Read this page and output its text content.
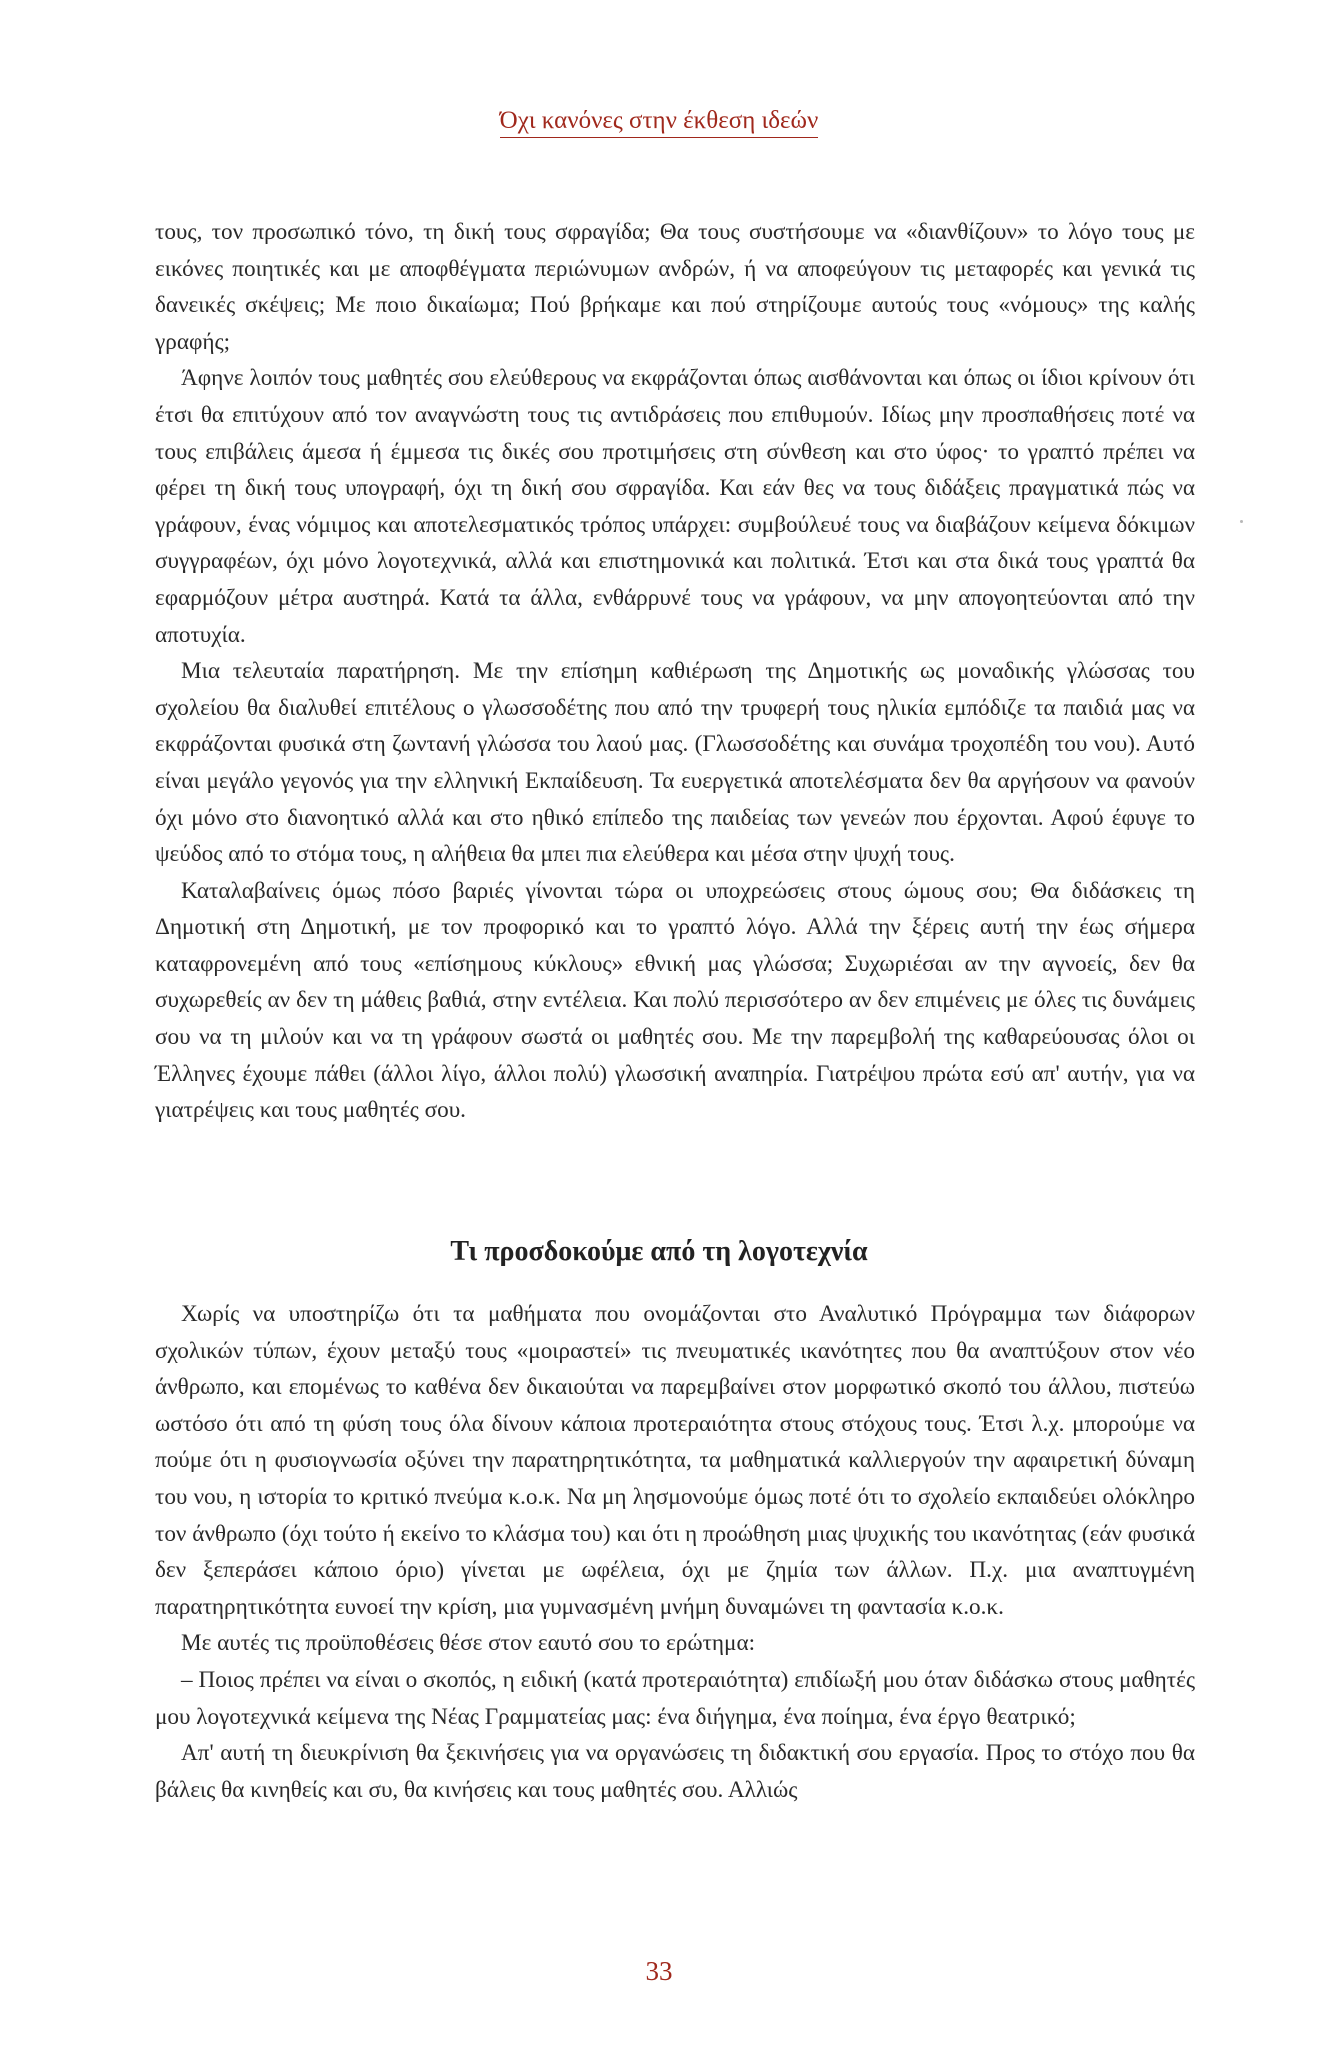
Όχι κανόνες στην έκθεση ιδεών

τους, τον προσωπικό τόνο, τη δική τους σφραγίδα; Θα τους συστήσουμε να «διανθίζουν» το λόγο τους με εικόνες ποιητικές και με αποφθέγματα περιώνυμων ανδρών, ή να αποφεύγουν τις μεταφορές και γενικά τις δανεικές σκέψεις; Με ποιο δικαίωμα; Πού βρήκαμε και πού στηρίζουμε αυτούς τους «νόμους» της καλής γραφής;

Άφηνε λοιπόν τους μαθητές σου ελεύθερους να εκφράζονται όπως αισθάνονται και όπως οι ίδιοι κρίνουν ότι έτσι θα επιτύχουν από τον αναγνώστη τους τις αντιδράσεις που επιθυμούν. Ιδίως μην προσπαθήσεις ποτέ να τους επιβάλεις άμεσα ή έμμεσα τις δικές σου προτιμήσεις στη σύνθεση και στο ύφος· το γραπτό πρέπει να φέρει τη δική τους υπογραφή, όχι τη δική σου σφραγίδα. Και εάν θες να τους διδάξεις πραγματικά πώς να γράφουν, ένας νόμιμος και αποτελεσματικός τρόπος υπάρχει: συμβούλευέ τους να διαβάζουν κείμενα δόκιμων συγγραφέων, όχι μόνο λογοτεχνικά, αλλά και επιστημονικά και πολιτικά. Έτσι και στα δικά τους γραπτά θα εφαρμόζουν μέτρα αυστηρά. Κατά τα άλλα, ενθάρρυνέ τους να γράφουν, να μην απογοητεύονται από την αποτυχία.

Μια τελευταία παρατήρηση. Με την επίσημη καθιέρωση της Δημοτικής ως μοναδικής γλώσσας του σχολείου θα διαλυθεί επιτέλους ο γλωσσοδέτης που από την τρυφερή τους ηλικία εμπόδιζε τα παιδιά μας να εκφράζονται φυσικά στη ζωντανή γλώσσα του λαού μας. (Γλωσσοδέτης και συνάμα τροχοπέδη του νου). Αυτό είναι μεγάλο γεγονός για την ελληνική Εκπαίδευση. Τα ευεργετικά αποτελέσματα δεν θα αργήσουν να φανούν όχι μόνο στο διανοητικό αλλά και στο ηθικό επίπεδο της παιδείας των γενεών που έρχονται. Αφού έφυγε το ψεύδος από το στόμα τους, η αλήθεια θα μπει πια ελεύθερα και μέσα στην ψυχή τους.

Καταλαβαίνεις όμως πόσο βαριές γίνονται τώρα οι υποχρεώσεις στους ώμους σου; Θα διδάσκεις τη Δημοτική στη Δημοτική, με τον προφορικό και το γραπτό λόγο. Αλλά την ξέρεις αυτή την έως σήμερα καταφρονεμένη από τους «επίσημους κύκλους» εθνική μας γλώσσα; Συχωριέσαι αν την αγνοείς, δεν θα συχωρεθείς αν δεν τη μάθεις βαθιά, στην εντέλεια. Και πολύ περισσότερο αν δεν επιμένεις με όλες τις δυνάμεις σου να τη μιλούν και να τη γράφουν σωστά οι μαθητές σου. Με την παρεμβολή της καθαρεύουσας όλοι οι Έλληνες έχουμε πάθει (άλλοι λίγο, άλλοι πολύ) γλωσσική αναπηρία. Γιατρέψου πρώτα εσύ απ' αυτήν, για να γιατρέψεις και τους μαθητές σου.

Τι προσδοκούμε από τη λογοτεχνία

Χωρίς να υποστηρίζω ότι τα μαθήματα που ονομάζονται στο Αναλυτικό Πρόγραμμα των διάφορων σχολικών τύπων, έχουν μεταξύ τους «μοιραστεί» τις πνευματικές ικανότητες που θα αναπτύξουν στον νέο άνθρωπο, και επομένως το καθένα δεν δικαιούται να παρεμβαίνει στον μορφωτικό σκοπό του άλλου, πιστεύω ωστόσο ότι από τη φύση τους όλα δίνουν κάποια προτεραιότητα στους στόχους τους. Έτσι λ.χ. μπορούμε να πούμε ότι η φυσιογνωσία οξύνει την παρατηρητικότητα, τα μαθηματικά καλλιεργούν την αφαιρετική δύναμη του νου, η ιστορία το κριτικό πνεύμα κ.ο.κ. Να μη λησμονούμε όμως ποτέ ότι το σχολείο εκπαιδεύει ολόκληρο τον άνθρωπο (όχι τούτο ή εκείνο το κλάσμα του) και ότι η προώθηση μιας ψυχικής του ικανότητας (εάν φυσικά δεν ξεπεράσει κάποιο όριο) γίνεται με ωφέλεια, όχι με ζημία των άλλων. Π.χ. μια αναπτυγμένη παρατηρητικότητα ευνοεί την κρίση, μια γυμνασμένη μνήμη δυναμώνει τη φαντασία κ.ο.κ.

Με αυτές τις προϋποθέσεις θέσε στον εαυτό σου το ερώτημα:

– Ποιος πρέπει να είναι ο σκοπός, η ειδική (κατά προτεραιότητα) επιδίωξή μου όταν διδάσκω στους μαθητές μου λογοτεχνικά κείμενα της Νέας Γραμματείας μας: ένα διήγημα, ένα ποίημα, ένα έργο θεατρικό;

Απ' αυτή τη διευκρίνιση θα ξεκινήσεις για να οργανώσεις τη διδακτική σου εργασία. Προς το στόχο που θα βάλεις θα κινηθείς και συ, θα κινήσεις και τους μαθητές σου. Αλλιώς

33
